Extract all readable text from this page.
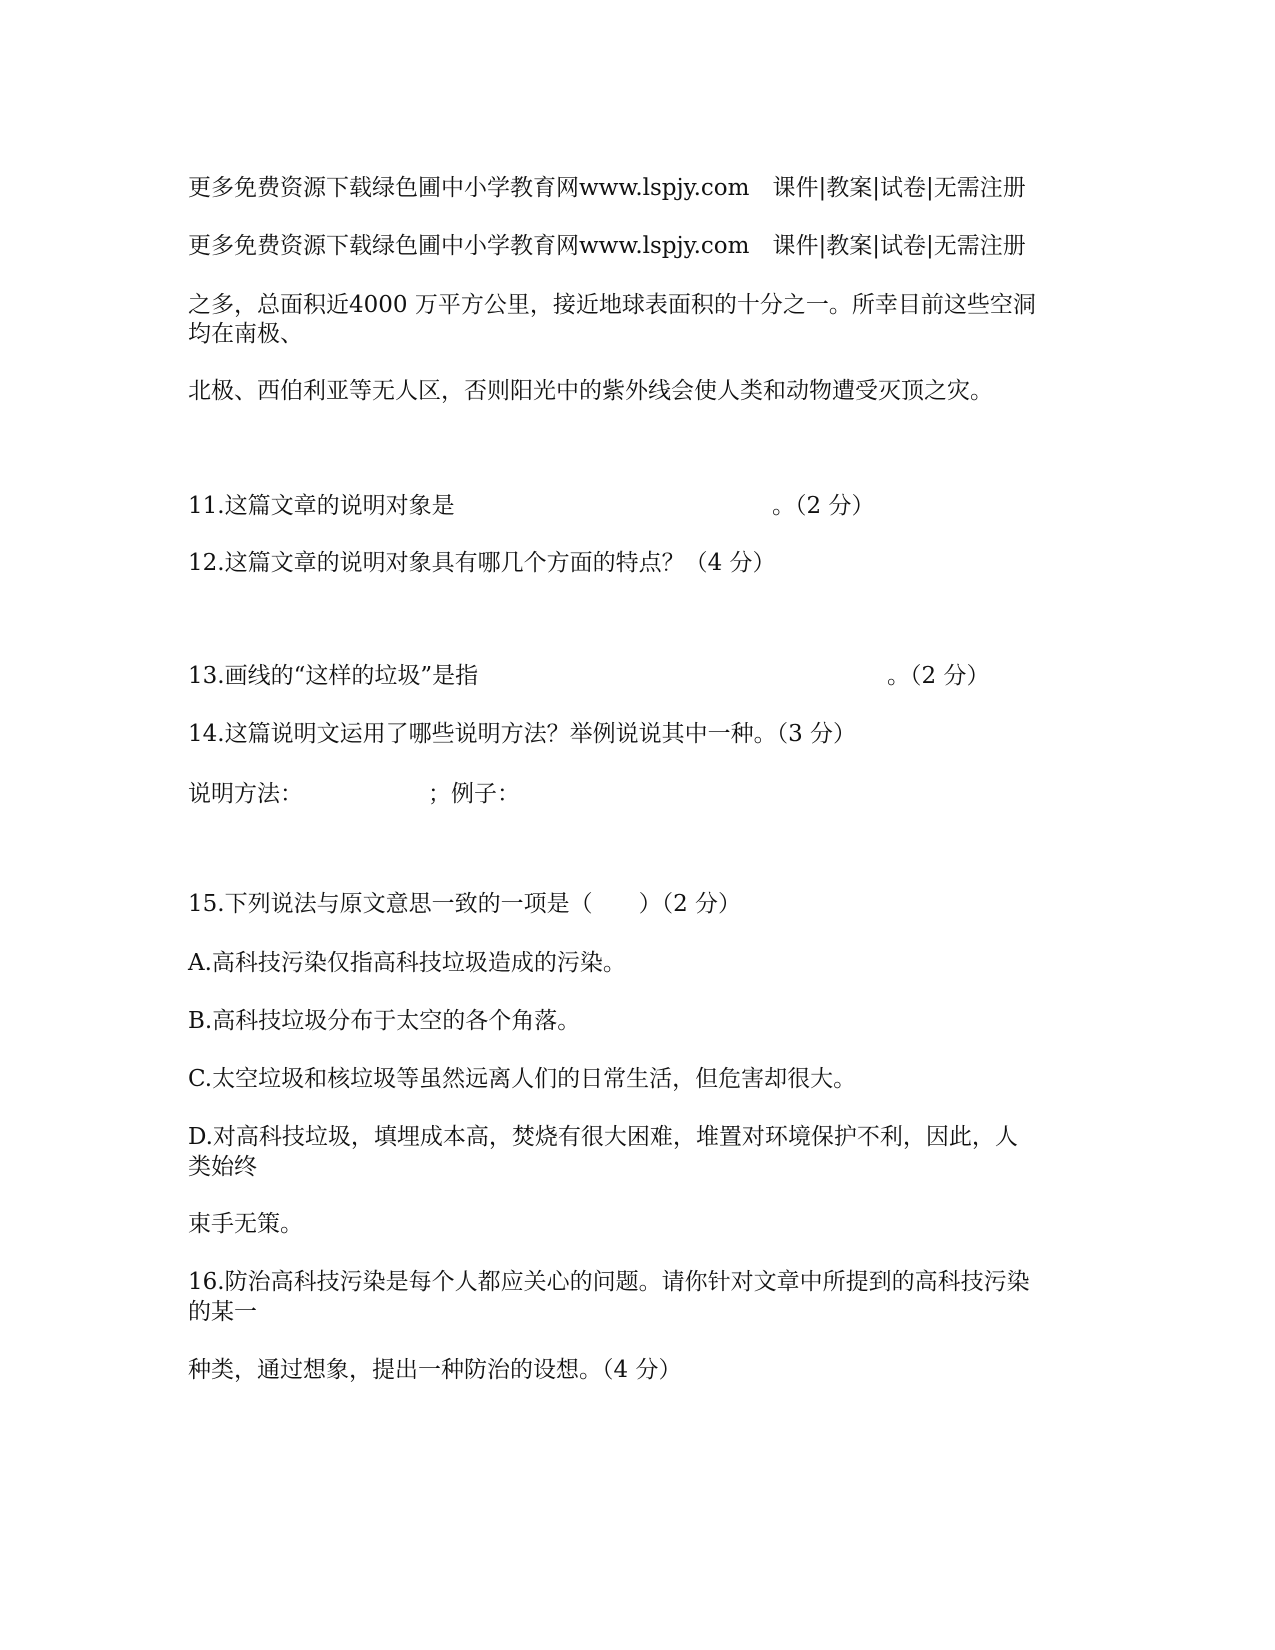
更多免费资源下载绿色圃中小学教育网www.lspjy.com　课件|教案|试卷|无需注册
更多免费资源下载绿色圃中小学教育网www.lspjy.com　课件|教案|试卷|无需注册
之多，总面积近4000 万平方公里，接近地球表面积的十分之一。所幸目前这些空洞
均在南极、
北极、西伯利亚等无人区，否则阳光中的紫外线会使人类和动物遭受灭顶之灾。
11.这篇文章的说明对象是	。（2 分）
12.这篇文章的说明对象具有哪几个方面的特点？（4 分）
13.画线的“这样的垃圾”是指	。（2 分）
14.这篇说明文运用了哪些说明方法？举例说说其中一种。（3 分）
说明方法：	；例子：
15.下列说法与原文意思一致的一项是（　　）（2 分）
A.高科技污染仅指高科技垃圾造成的污染。
B.高科技垃圾分布于太空的各个角落。
C.太空垃圾和核垃圾等虽然远离人们的日常生活，但危害却很大。
D.对高科技垃圾，填埋成本高，焚烧有很大困难，堆置对环境保护不利，因此，人
类始终
束手无策。
16.防治高科技污染是每个人都应关心的问题。请你针对文章中所提到的高科技污染
的某一
种类，通过想象，提出一种防治的设想。（4 分）
